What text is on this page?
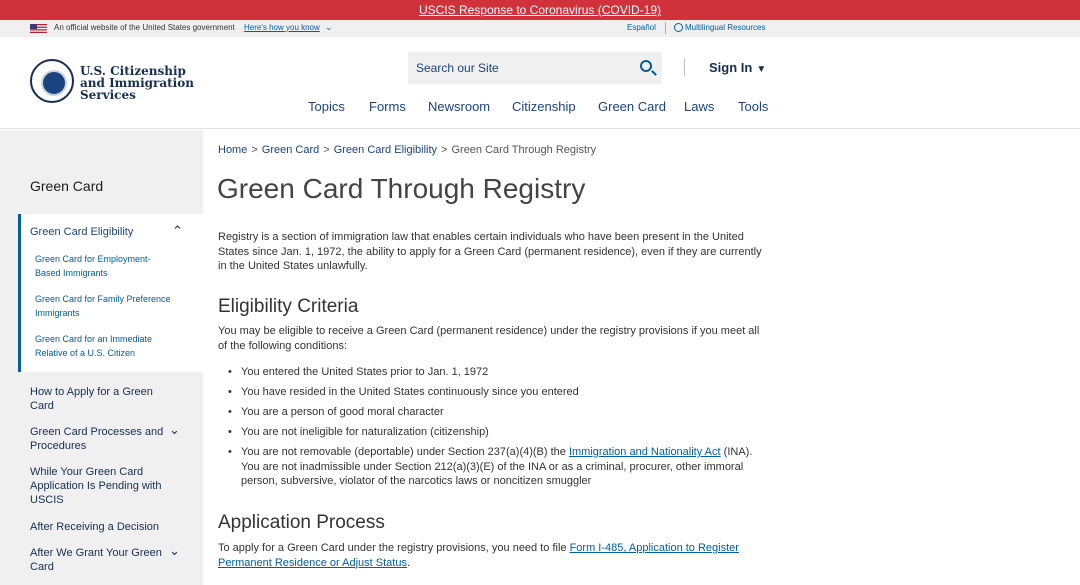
USCIS Response to Coronavirus (COVID-19)
An official website of the United States government Here's how you know ⌄	Español	Multilingual Resources
U.S. Citizenship
and Immigration
Services
Search our Site
Sign In ▼
Topics Forms Newsroom Citizenship Green Card Laws Tools
Green Card
Green Card Eligibility	⌃
Green Card for Employment-Based Immigrants
Green Card for Family Preference Immigrants
Green Card for an Immediate Relative of a U.S. Citizen
How to Apply for a Green Card
Green Card Processes and Procedures
⌄
While Your Green Card Application Is Pending with USCIS
After Receiving a Decision
After We Grant Your Green Card
⌄
Home > Green Card > Green Card Eligibility > Green Card Through Registry
Green Card Through Registry

Registry is a section of immigration law that enables certain individuals who have been present in the United States since Jan. 1, 1972, the ability to apply for a Green Card (permanent residence), even if they are currently in the United States unlawfully.

Eligibility Criteria

You may be eligible to receive a Green Card (permanent residence) under the registry provisions if you meet all of the following conditions:

• You entered the United States prior to Jan. 1, 1972
• You have resided in the United States continuously since you entered
• You are a person of good moral character
• You are not ineligible for naturalization (citizenship)
• You are not removable (deportable) under Section 237(a)(4)(B) the Immigration and Nationality Act (INA). You are not inadmissible under Section 212(a)(3)(E) of the INA or as a criminal, procurer, other immoral person, subversive, violator of the narcotics laws or noncitizen smuggler
Application Process

To apply for a Green Card under the registry provisions, you need to file Form I-485, Application to Register Permanent Residence or Adjust Status.
